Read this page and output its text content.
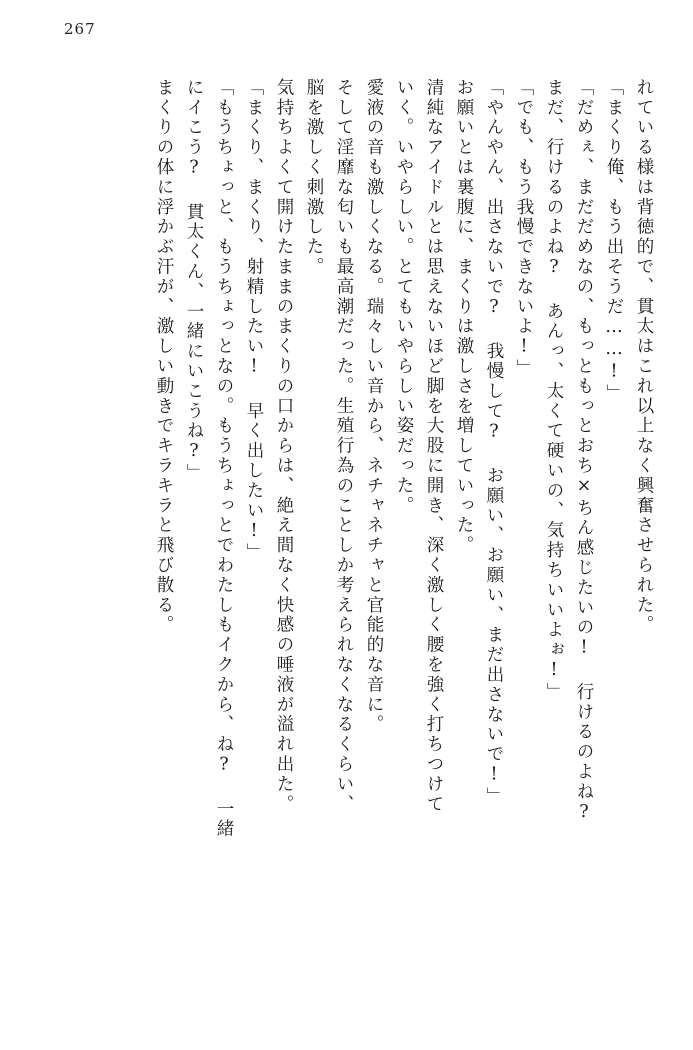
267
れている様は背徳的で、貫太はこれ以上なく興奮させられた。
「まくり俺、もう出そうだ……!」
「だめぇ、まだだめなの、もっともっとおち×ちん感じたいの! 行けるのよね?
まだ、行けるのよね? あんっ、太くて硬いの、気持ちいいよぉ!」
「でも、もう我慢できないよ!」
「やんやん、出さないで? 我慢して? お願い、お願い、まだ出さないで!」
お願いとは裏腹に、まくりは激しさを増していった。
清純なアイドルとは思えないほど脚を大股に開き、深く激しく腰を強く打ちつけて
いく。いやらしい。とてもいやらしい姿だった。
愛液の音も激しくなる。瑞々しい音から、ネチャネチャと官能的な音に。
そして淫靡な匂いも最高潮だった。生殖行為のことしか考えられなくなるくらい、
脳を激しく刺激した。
気持ちよくて開けたままのまくりの口からは、絶え間なく快感の唾液が溢れ出た。
「まくり、まくり、射精したい! 早く出したい!」
「もうちょっと、もうちょっとなの。もうちょっとでわたしもイクから、ね? 一緒
にイこう? 貫太くん、一緒にいこうね?」
まくりの体に浮かぶ汗が、激しい動きでキラキラと飛び散る。
